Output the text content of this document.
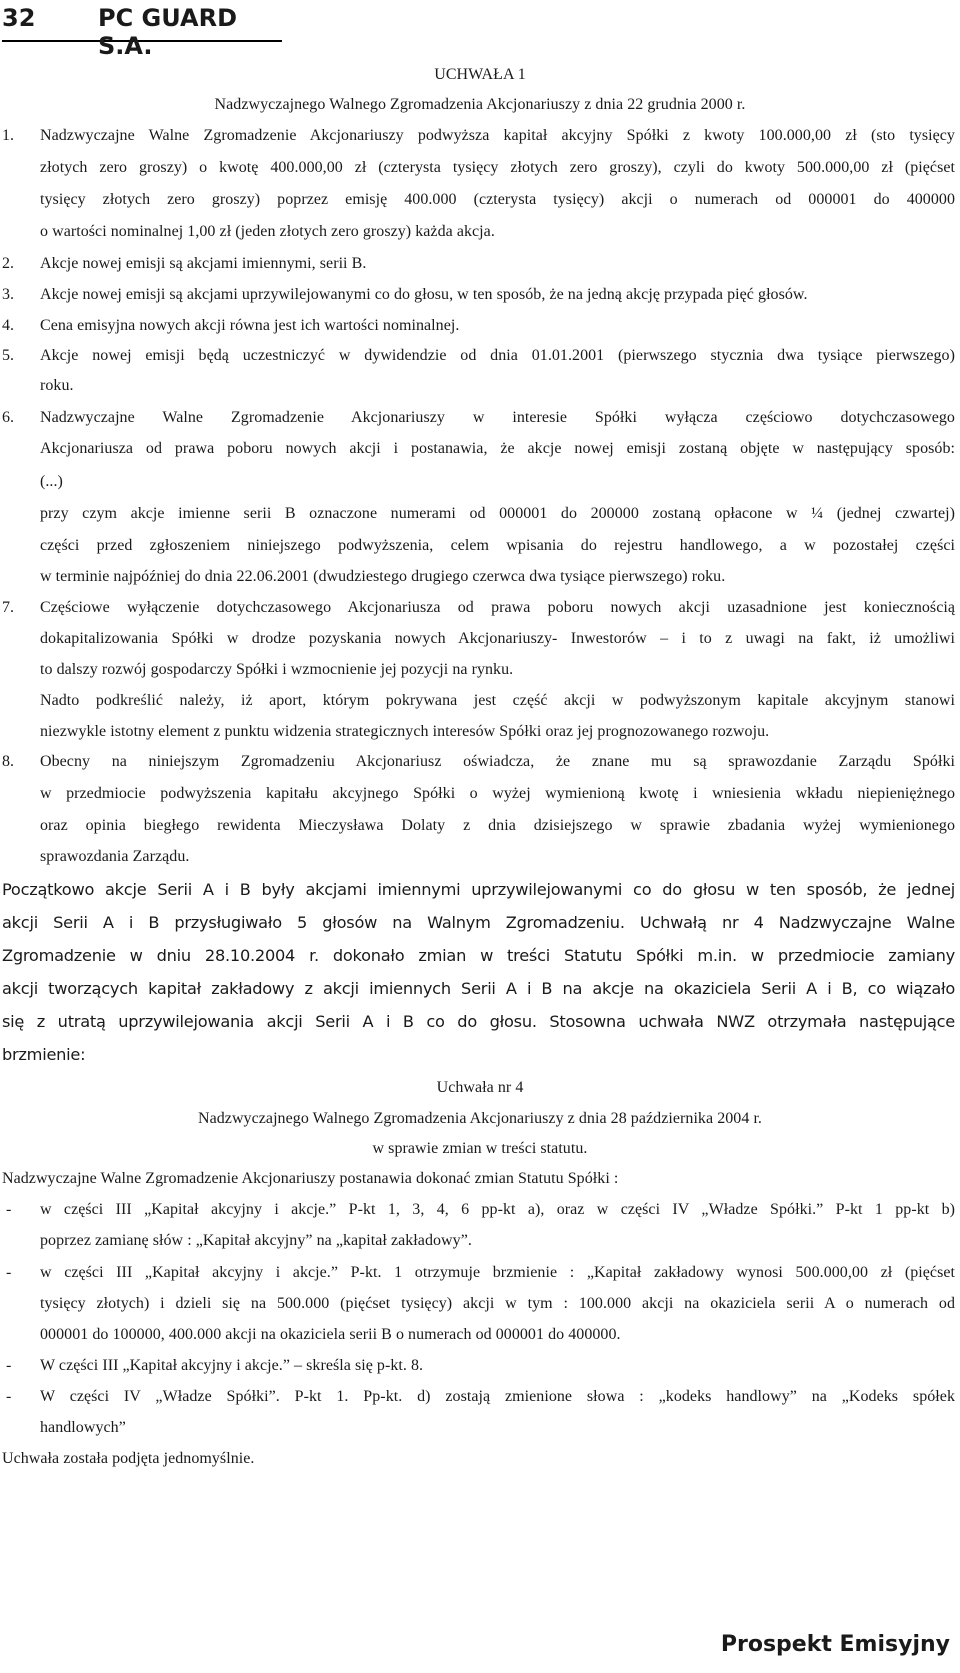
32	PC GUARD S.A.
UCHWAŁA 1
Nadzwyczajnego Walnego Zgromadzenia Akcjonariuszy z dnia 22 grudnia 2000 r.
1. Nadzwyczajne Walne Zgromadzenie Akcjonariuszy podwyższa kapitał akcyjny Spółki z kwoty 100.000,00 zł (sto tysięcy
złotych zero groszy) o kwotę 400.000,00 zł (czterysta tysięcy złotych zero groszy), czyli do kwoty 500.000,00 zł (pięćset
tysięcy złotych zero groszy) poprzez emisję 400.000 (czterysta tysięcy) akcji o numerach od 000001 do 400000
o wartości nominalnej 1,00 zł (jeden złotych zero groszy) każda akcja.
2. Akcje nowej emisji są akcjami imiennymi, serii B.
3. Akcje nowej emisji są akcjami uprzywilejowanymi co do głosu, w ten sposób, że na jedną akcję przypada pięć głosów.
4. Cena emisyjna nowych akcji równa jest ich wartości nominalnej.
5. Akcje nowej emisji będą uczestniczyć w dywidendzie od dnia 01.01.2001 (pierwszego stycznia dwa tysiące pierwszego)
roku.
6. Nadzwyczajne Walne Zgromadzenie Akcjonariuszy w interesie Spółki wyłącza częściowo dotychczasowego
Akcjonariusza od prawa poboru nowych akcji i postanawia, że akcje nowej emisji zostaną objęte w następujący sposób:
(...)
przy czym akcje imienne serii B oznaczone numerami od 000001 do 200000 zostaną opłacone w ¼ (jednej czwartej)
części przed zgłoszeniem niniejszego podwyższenia, celem wpisania do rejestru handlowego, a w pozostałej części
w terminie najpóźniej do dnia 22.06.2001 (dwudziestego drugiego czerwca dwa tysiące pierwszego) roku.
7. Częściowe wyłączenie dotychczasowego Akcjonariusza od prawa poboru nowych akcji uzasadnione jest koniecznością
dokapitalizowania Spółki w drodze pozyskania nowych Akcjonariuszy- Inwestorów – i to z uwagi na fakt, iż umożliwi
to dalszy rozwój gospodarczy Spółki i wzmocnienie jej pozycji na rynku.
Nadto podkreślić należy, iż aport, którym pokrywana jest część akcji w podwyższonym kapitale akcyjnym stanowi
niezwykle istotny element z punktu widzenia strategicznych interesów Spółki oraz jej prognozowanego rozwoju.
8. Obecny na niniejszym Zgromadzeniu Akcjonariusz oświadcza, że znane mu są sprawozdanie Zarządu Spółki
w przedmiocie podwyższenia kapitału akcyjnego Spółki o wyżej wymienioną kwotę i wniesienia wkładu niepieniężnego
oraz opinia biegłego rewidenta Mieczysława Dolaty z dnia dzisiejszego w sprawie zbadania wyżej wymienionego
sprawozdania Zarządu.
Początkowo akcje Serii A i B były akcjami imiennymi uprzywilejowanymi co do głosu w ten sposób, że jednej
akcji Serii A i B przysługiwało 5 głosów na Walnym Zgromadzeniu. Uchwałą nr 4 Nadzwyczajne Walne
Zgromadzenie w dniu 28.10.2004 r. dokonało zmian w treści Statutu Spółki m.in. w przedmiocie zamiany
akcji tworzących kapitał zakładowy z akcji imiennych Serii A i B na akcje na okaziciela Serii A i B, co wiązało
się z utratą uprzywilejowania akcji Serii A i B co do głosu. Stosowna uchwała NWZ otrzymała następujące
brzmienie:
Uchwała nr 4
Nadzwyczajnego Walnego Zgromadzenia Akcjonariuszy z dnia 28 października 2004 r.
w sprawie zmian w treści statutu.
Nadzwyczajne Walne Zgromadzenie Akcjonariuszy postanawia dokonać zmian Statutu Spółki :
- w części III „Kapitał akcyjny i akcje.” P-kt 1, 3, 4, 6 pp-kt a), oraz w części IV „Władze Spółki.” P-kt 1 pp-kt b)
poprzez zamianę słów : „Kapitał akcyjny” na „kapitał zakładowy”.
- w części III „Kapitał akcyjny i akcje.” P-kt. 1 otrzymuje brzmienie : „Kapitał zakładowy wynosi 500.000,00 zł (pięćset
tysięcy złotych) i dzieli się na 500.000 (pięćset tysięcy) akcji w tym : 100.000 akcji na okaziciela serii A o numerach od
000001 do 100000, 400.000 akcji na okaziciela serii B o numerach od 000001 do 400000.
- W części III „Kapitał akcyjny i akcje.” – skreśla się p-kt. 8.
- W części IV „Władze Spółki”. P-kt 1. Pp-kt. d) zostają zmienione słowa : „kodeks handlowy” na „Kodeks spółek
handlowych”
Uchwała została podjęta jednomyślnie.
Prospekt Emisyjny
